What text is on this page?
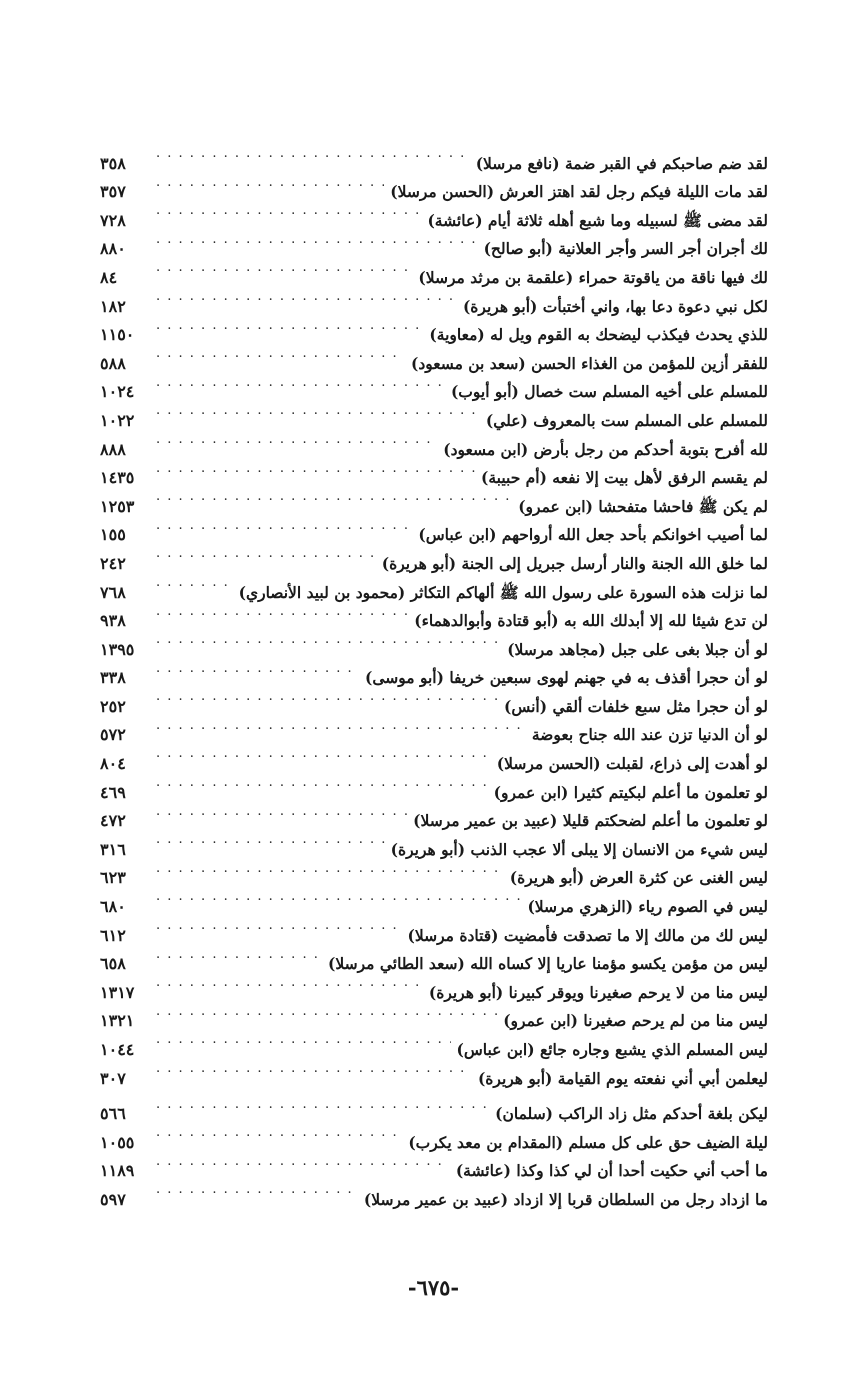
لقد ضم صاحبكم في القبر ضمة (نافع مرسلا)
. . .
٣٥٨
لقد مات الليلة فيكم رجل لقد اهتز العرش (الحسن مرسلا)
. . .
٣٥٧
لقد مضى ﷺ لسبيله وما شبع أهله ثلاثة أيام (عائشة)
. . .
٧٢٨
لك أجران أجر السر وأجر العلانية (أبو صالح)
. . .
٨٨٠
لك فيها ناقة من ياقوتة حمراء (علقمة بن مرثد مرسلا)
. . .
٨٤
لكل نبي دعوة دعا بها، واني أختبأت (أبو هريرة)
. . .
١٨٢
للذي يحدث فيكذب ليضحك به القوم ويل له (معاوية)
. . .
١١٥٠
للفقر أزين للمؤمن من الغذاء الحسن (سعد بن مسعود)
. . .
٥٨٨
للمسلم على أخيه المسلم ست خصال (أبو أيوب)
. . .
١٠٢٤
للمسلم على المسلم ست بالمعروف (علي)
. . .
١٠٢٢
لله أفرح بتوبة أحدكم من رجل بأرض (ابن مسعود)
. . .
٨٨٨
لم يقسم الرفق لأهل بيت إلا نفعه (أم حبيبة)
. . .
١٤٣٥
لم يكن ﷺ فاحشا متفحشا (ابن عمرو)
. . .
١٢٥٣
لما أصيب اخوانكم بأحد جعل الله أرواحهم (ابن عباس)
. . .
١٥٥
لما خلق الله الجنة والنار أرسل جبريل إلى الجنة (أبو هريرة)
. . .
٢٤٢
لما نزلت هذه السورة على رسول الله ﷺ ألهاكم التكاثر (محمود بن لبيد الأنصاري)
. . .
٧٦٨
لن تدع شيئا لله إلا أبدلك الله به (أبو قتادة وأبوالدهماء)
. . .
٩٣٨
لو أن جبلا بغى على جبل (مجاهد مرسلا)
. . .
١٣٩٥
لو أن حجرا أقذف به في جهنم لهوى سبعين خريفا (أبو موسى)
. . .
٣٣٨
لو أن حجرا مثل سبع خلفات ألقي (أنس)
. . .
٢٥٢
لو أن الدنيا تزن عند الله جناح بعوضة
. . .
٥٧٢
لو أهدت إلى ذراع، لقبلت (الحسن مرسلا)
. . .
٨٠٤
لو تعلمون ما أعلم لبكيتم كثيرا (ابن عمرو)
. . .
٤٦٩
لو تعلمون ما أعلم لضحكتم قليلا (عبيد بن عمير مرسلا)
. . .
٤٧٢
ليس شيء من الانسان إلا يبلى ألا عجب الذنب (أبو هريرة)
. . .
٣١٦
ليس الغنى عن كثرة العرض (أبو هريرة)
. . .
٦٢٣
ليس في الصوم رياء (الزهري مرسلا)
. . .
٦٨٠
ليس لك من مالك إلا ما تصدقت فأمضيت (قتادة مرسلا)
. . .
٦١٢
ليس من مؤمن يكسو مؤمنا عاريا إلا كساه الله (سعد الطائي مرسلا)
. . .
٦٥٨
ليس منا من لا يرحم صغيرنا ويوقر كبيرنا (أبو هريرة)
. . .
١٣١٧
ليس منا من لم يرحم صغيرنا (ابن عمرو)
. . .
١٣٢١
ليس المسلم الذي يشبع وجاره جائع (ابن عباس)
. . .
١٠٤٤
ليعلمن أبي أني نفعته يوم القيامة (أبو هريرة)
. . .
٣٠٧
ليكن بلغة أحدكم مثل زاد الراكب (سلمان)
. . .
٥٦٦
ليلة الضيف حق على كل مسلم (المقدام بن معد يكرب)
. . .
١٠٥٥
ما أحب أني حكيت أحدا أن لي كذا وكذا (عائشة)
. . .
١١٨٩
ما ازداد رجل من السلطان قربا إلا ازداد (عبيد بن عمير مرسلا)
. . .
٥٩٧
-٦٧٥-
